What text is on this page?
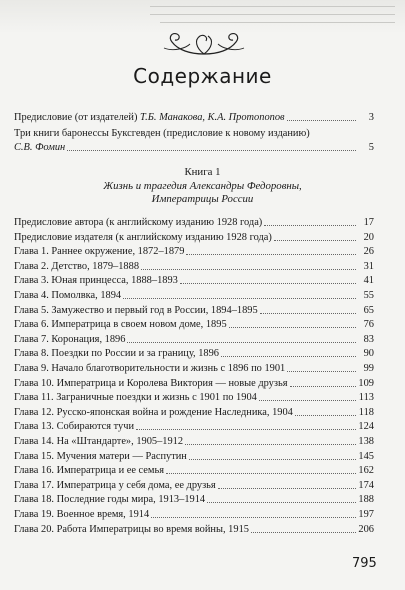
Содержание
Предисловие (от издателей) Т.Б. Манакова, К.А. Протопопов	3
Три книги баронессы Буксгевден (предисловие к новому изданию)
С.В. Фомин	5
Книга 1
Жизнь и трагедия Александры Федоровны,
Императрицы России
Предисловие автора (к английскому изданию 1928 года)	17
Предисловие издателя (к английскому изданию 1928 года)	20
Глава 1. Раннее окружение, 1872–1879	26
Глава 2. Детство, 1879–1888	31
Глава 3. Юная принцесса, 1888–1893	41
Глава 4. Помолвка, 1894	55
Глава 5. Замужество и первый год в России, 1894–1895	65
Глава 6. Императрица в своем новом доме, 1895	76
Глава 7. Коронация, 1896	83
Глава 8. Поездки по России и за границу, 1896	90
Глава 9. Начало благотворительности и жизнь с 1896 по 1901	99
Глава 10. Императрица и Королева Виктория — новые друзья	109
Глава 11. Заграничные поездки и жизнь с 1901 по 1904	113
Глава 12. Русско-японская война и рождение Наследника, 1904	118
Глава 13. Собираются тучи	124
Глава 14. На «Штандарте», 1905–1912	138
Глава 15. Мучения матери — Распутин	145
Глава 16. Императрица и ее семья	162
Глава 17. Императрица у себя дома, ее друзья	174
Глава 18. Последние годы мира, 1913–1914	188
Глава 19. Военное время, 1914	197
Глава 20. Работа Императрицы во время войны, 1915	206
795
